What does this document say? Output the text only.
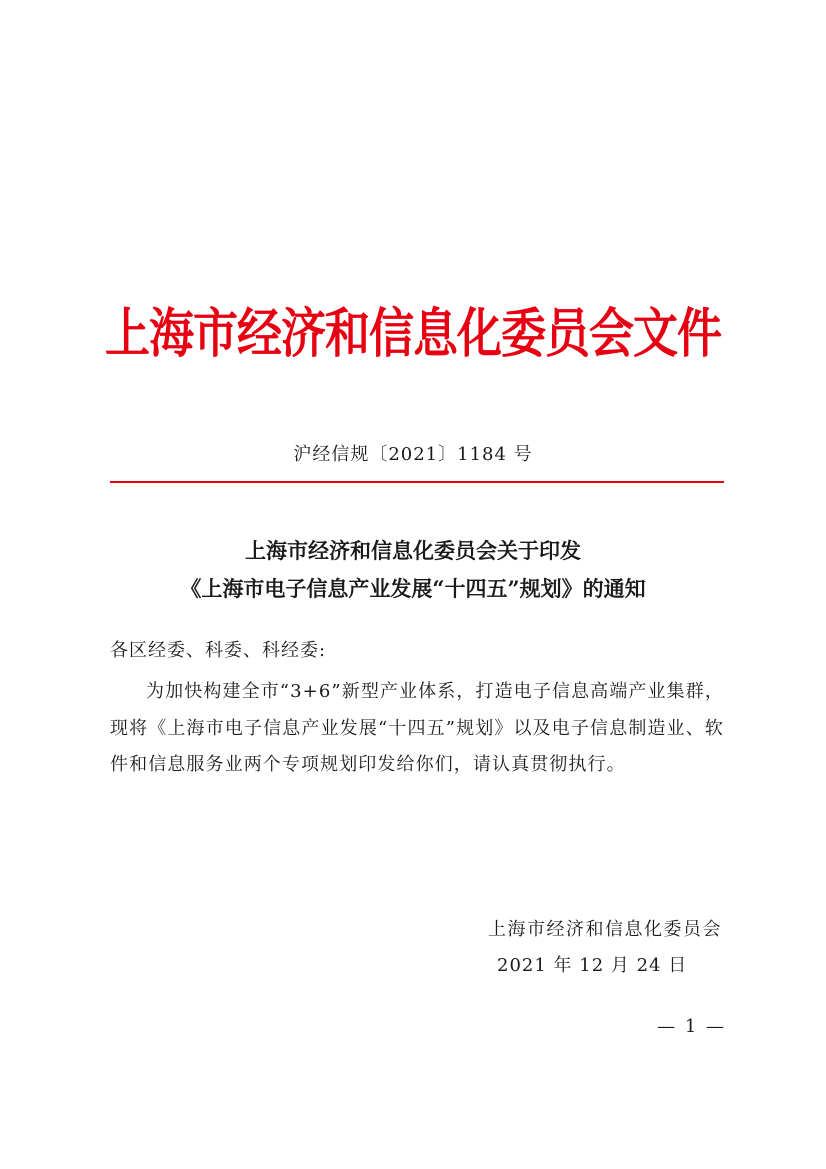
上海市经济和信息化委员会文件
沪经信规〔2021〕1184 号
上海市经济和信息化委员会关于印发
《上海市电子信息产业发展“十四五”规划》的通知
各区经委、科委、科经委:
为加快构建全市“3+6”新型产业体系，打造电子信息高端产业集群，现将《上海市电子信息产业发展“十四五”规划》以及电子信息制造业、软件和信息服务业两个专项规划印发给你们，请认真贯彻执行。
上海市经济和信息化委员会
2021 年 12 月 24 日
— 1 —
